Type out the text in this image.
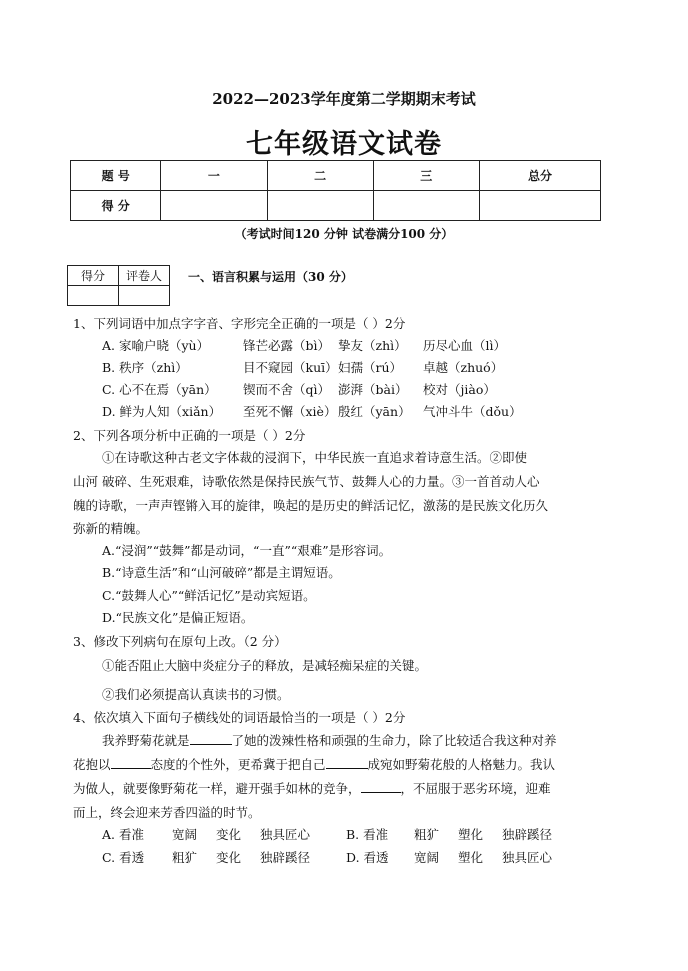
2022—2023学年度第二学期期末考试
七年级语文试卷
题 号	一	二	三	总分
得 分				
（考试时间120 分钟 试卷满分100 分）
得分	评卷人
	一、语言积累与运用（30 分）
1、下列词语中加点字字音、字形完全正确的一项是（ ）2分
A. 家喻户晓（yù）	锋芒必露（bì） 挚友（zhì） 历尽心血（lì）
B. 秩序（zhì）	目不窥园（kuī）妇孺（rú） 卓越（zhuó）
C. 心不在焉（yān） 锲而不舍（qì） 澎湃（bài） 校对（jiào）
D. 鲜为人知（xiǎn） 至死不懈（xiè） 殷红（yān） 气冲斗牛（dǒu）
2、下列各项分析中正确的一项是（ ）2分
①在诗歌这种古老文字体裁的浸润下，中华民族一直追求着诗意生活。②即使
山河 破碎、生死艰难，诗歌依然是保持民族气节、鼓舞人心的力量。③一首首动人心
魄的诗歌，一声声铿锵入耳的旋律，唤起的是历史的鲜活记忆，激荡的是民族文化历久
弥新的精魄。
A.“浸润”“鼓舞”都是动词，“一直”“艰难”是形容词。
B.“诗意生活”和“山河破碎”都是主谓短语。
C.“鼓舞人心”“鲜活记忆”是动宾短语。
D.“民族文化”是偏正短语。
3、修改下列病句在原句上改。（2 分）
①能否阻止大脑中炎症分子的释放，是减轻痴呆症的关键。
②我们必须提高认真读书的习惯。
4、依次填入下面句子横线处的词语最恰当的一项是（ ）2分
我养野菊花就是	了她的泼辣性格和顽强的生命力，除了比较适合我这种对养
花抱以	态度的个性外，更希冀于把自己	成宛如野菊花般的人格魅力。我认
为做人，就要像野菊花一样，避开强手如林的竞争，	，不屈服于恶劣环境，迎难
而上，终会迎来芳香四溢的时节。
A. 看准 宽阔 变化 独具匠心	B. 看准 粗犷 塑化 独辟蹊径
C. 看透 粗犷 变化 独辟蹊径	D. 看透 宽阔 塑化 独具匠心
